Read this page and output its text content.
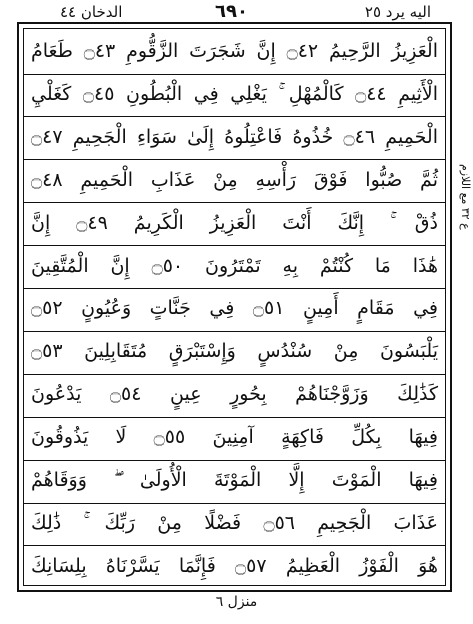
الدخان ٤٤	٦٩٠	الیه یرد ٢٥
الْعَزِيزُ الرَّحِيمُ ۝٤٢ إِنَّ شَجَرَتَ الزَّقُّومِ ۝٤٣ طَعَامُ
الْأَثِيمِ ۝٤٤ كَالْمُهْلِ ۚ يَغْلِي فِي الْبُطُونِ ۝٤٥ كَغَلْيِ
الْحَمِيمِ ۝٤٦ خُذُوهُ فَاعْتِلُوهُ إِلَىٰ سَوَاءِ الْجَحِيمِ ۝٤٧
ثُمَّ صُبُّوا فَوْقَ رَأْسِهِ مِنْ عَذَابِ الْحَمِيمِ ۝٤٨
ذُقْ ۚ إِنَّكَ أَنْتَ الْعَزِيزُ الْكَرِيمُ ۝٤٩ إِنَّ
هَٰذَا مَا كُنْتُمْ بِهِ تَمْتَرُونَ ۝٥٠ إِنَّ الْمُتَّقِينَ
فِي مَقَامٍ أَمِينٍ ۝٥١ فِي جَنَّاتٍ وَعُيُونٍ ۝٥٢
يَلْبَسُونَ مِنْ سُنْدُسٍ وَإِسْتَبْرَقٍ مُتَقَابِلِينَ ۝٥٣
كَذَٰلِكَ وَزَوَّجْنَاهُمْ بِحُورٍ عِينٍ ۝٥٤ يَدْعُونَ
فِيهَا بِكُلِّ فَاكِهَةٍ آمِنِينَ ۝٥٥ لَا يَذُوقُونَ
فِيهَا الْمَوْتَ إِلَّا الْمَوْتَةَ الْأُولَىٰ ۖ وَوَقَاهُمْ
عَذَابَ الْجَحِيمِ ۝٥٦ فَضْلًا مِنْ رَبِّكَ ۚ ذَٰلِكَ
هُوَ الْفَوْزُ الْعَظِيمُ ۝٥٧ فَإِنَّمَا يَسَّرْنَاهُ بِلِسَانِكَ
ع ٣٢ مع اللازم
منزل ٦
